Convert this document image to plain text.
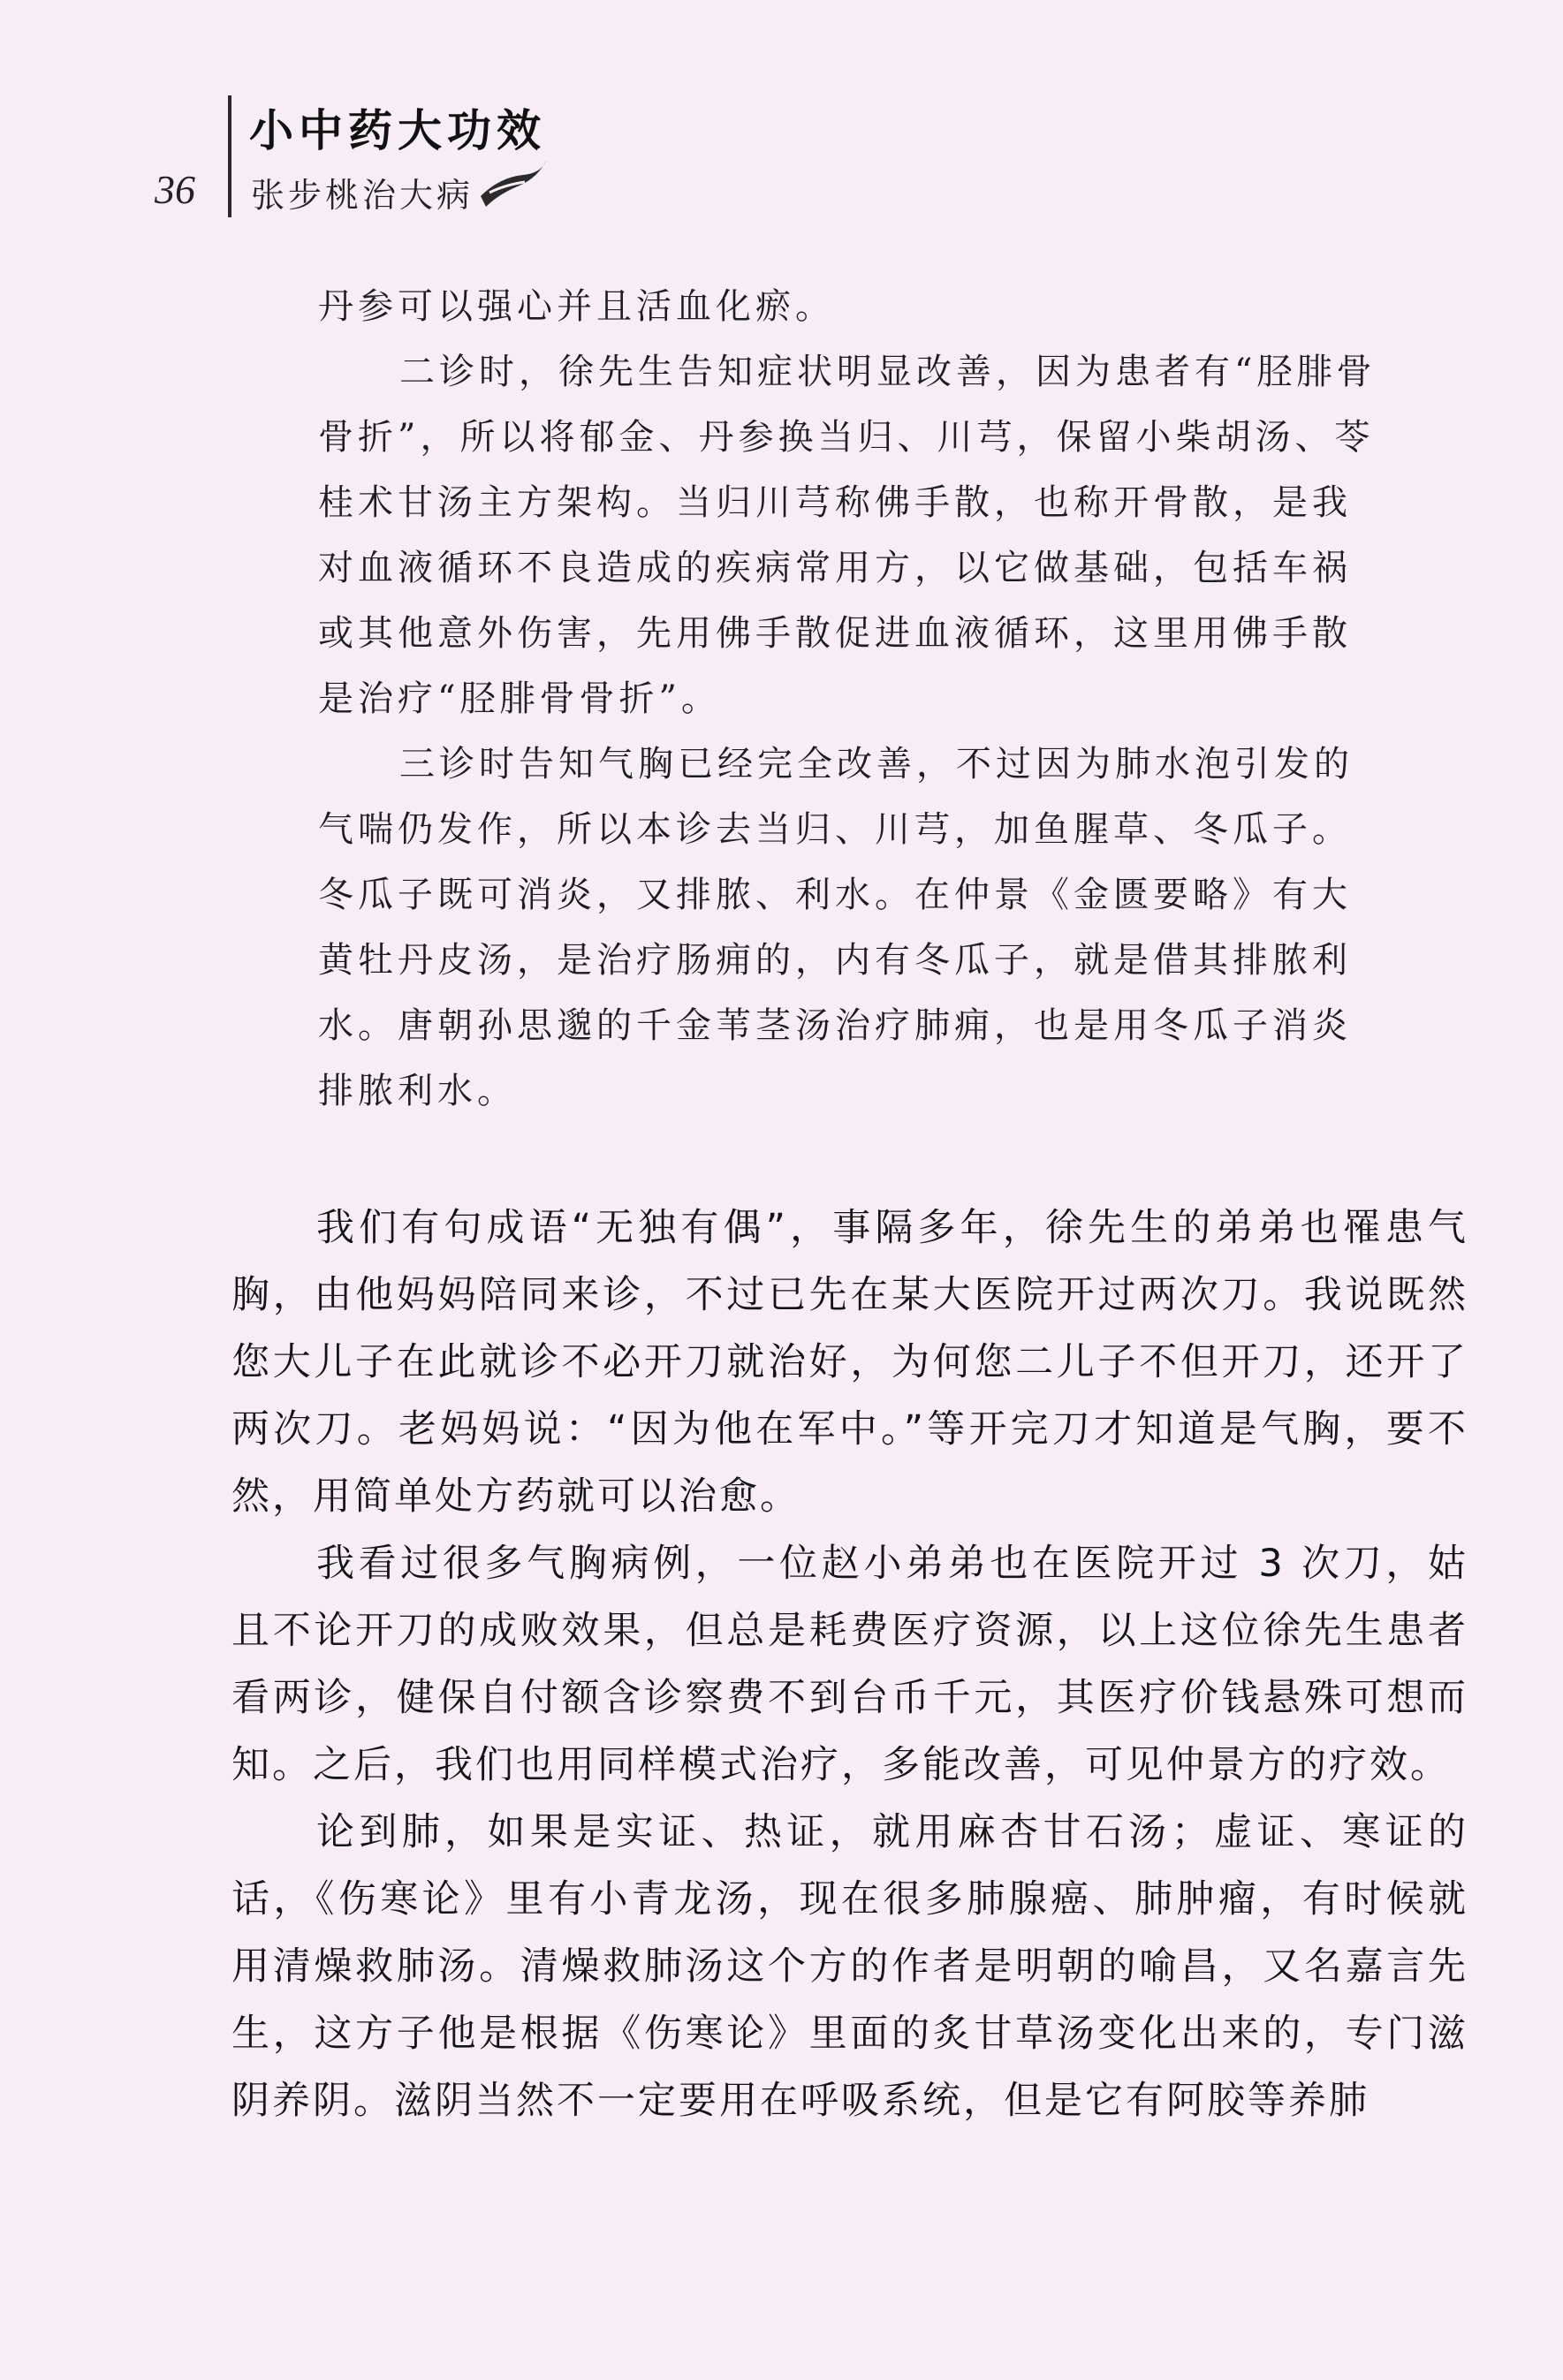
36
小中药大功效
张步桃治大病

丹参可以强心并且活血化瘀。

二诊时，徐先生告知症状明显改善，因为患者有“胫腓骨骨折”，所以将郁金、丹参换当归、川芎，保留小柴胡汤、苓桂术甘汤主方架构。当归川芎称佛手散，也称开骨散，是我对血液循环不良造成的疾病常用方，以它做基础，包括车祸或其他意外伤害，先用佛手散促进血液循环，这里用佛手散是治疗“胫腓骨骨折”。

三诊时告知气胸已经完全改善，不过因为肺水泡引发的气喘仍发作，所以本诊去当归、川芎，加鱼腥草、冬瓜子。冬瓜子既可消炎，又排脓、利水。在仲景《金匮要略》有大黄牡丹皮汤，是治疗肠痈的，内有冬瓜子，就是借其排脓利水。唐朝孙思邈的千金苇茎汤治疗肺痈，也是用冬瓜子消炎排脓利水。

我们有句成语“无独有偶”，事隔多年，徐先生的弟弟也罹患气胸，由他妈妈陪同来诊，不过已先在某大医院开过两次刀。我说既然您大儿子在此就诊不必开刀就治好，为何您二儿子不但开刀，还开了两次刀。老妈妈说：“因为他在军中。”等开完刀才知道是气胸，要不然，用简单处方药就可以治愈。

我看过很多气胸病例，一位赵小弟弟也在医院开过 3 次刀，姑且不论开刀的成败效果，但总是耗费医疗资源，以上这位徐先生患者看两诊，健保自付额含诊察费不到台币千元，其医疗价钱悬殊可想而知。之后，我们也用同样模式治疗，多能改善，可见仲景方的疗效。

论到肺，如果是实证、热证，就用麻杏甘石汤；虚证、寒证的话，《伤寒论》里有小青龙汤，现在很多肺腺癌、肺肿瘤，有时候就用清燥救肺汤。清燥救肺汤这个方的作者是明朝的喻昌，又名嘉言先生，这方子他是根据《伤寒论》里面的炙甘草汤变化出来的，专门滋阴养阴。滋阴当然不一定要用在呼吸系统，但是它有阿胶等养肺
